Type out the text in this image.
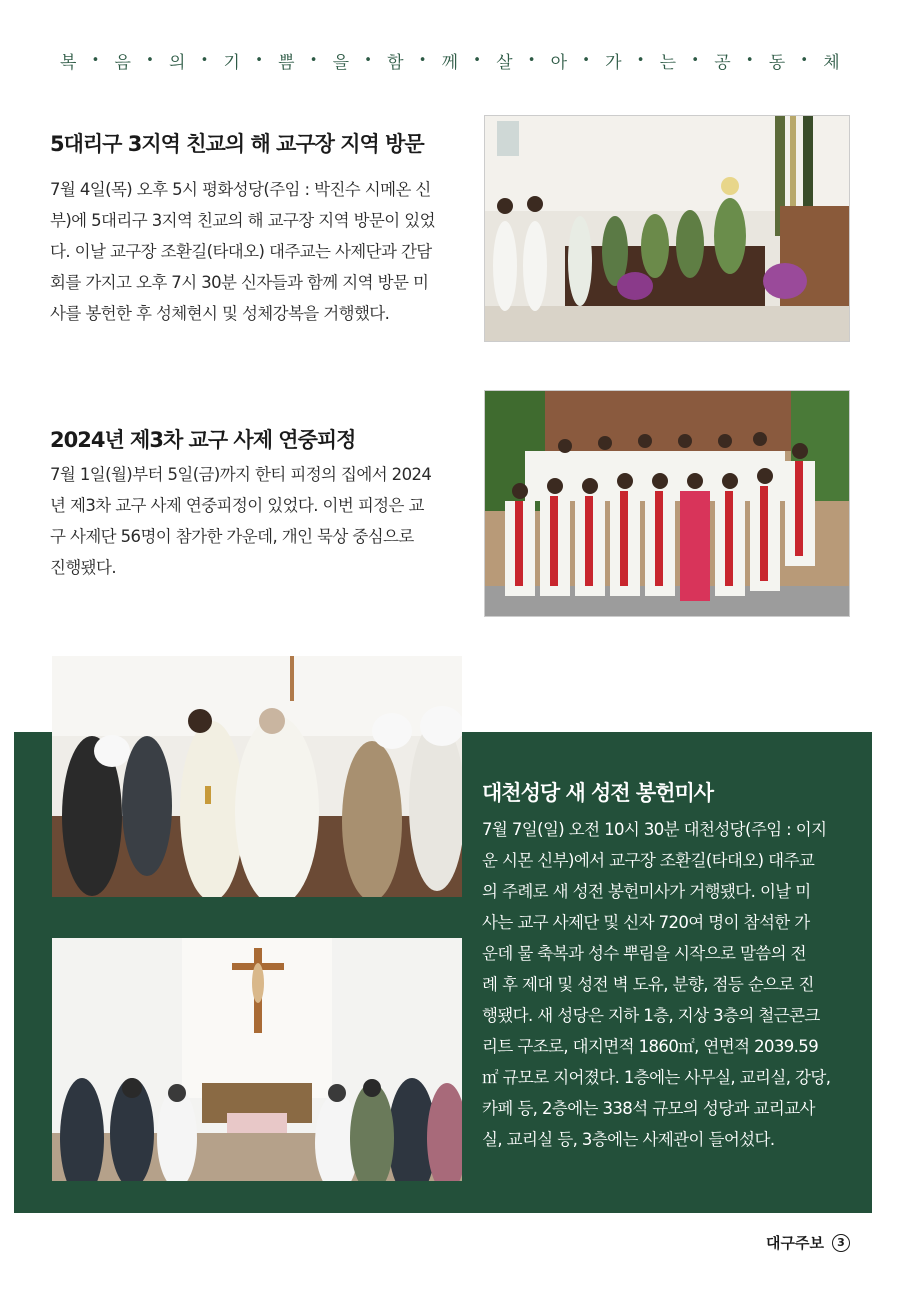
복 • 음 • 의 • 기 • 쁨 • 을 • 함 • 께 • 살 • 아 • 가 • 는 • 공 • 동 • 체
5대리구 3지역 친교의 해 교구장 지역 방문
7월 4일(목) 오후 5시 평화성당(주임 : 박진수 시메온 신
부)에 5대리구 3지역 친교의 해 교구장 지역 방문이 있었
다. 이날 교구장 조환길(타대오) 대주교는 사제단과 간담
회를 가지고 오후 7시 30분 신자들과 함께 지역 방문 미
사를 봉헌한 후 성체현시 및 성체강복을 거행했다.
2024년 제3차 교구 사제 연중피정
7월 1일(월)부터 5일(금)까지 한티 피정의 집에서 2024
년 제3차 교구 사제 연중피정이 있었다. 이번 피정은 교
구 사제단 56명이 참가한 가운데, 개인 묵상 중심으로
진행됐다.
대천성당 새 성전 봉헌미사
7월 7일(일) 오전 10시 30분 대천성당(주임 : 이지
운 시몬 신부)에서 교구장 조환길(타대오) 대주교
의 주례로 새 성전 봉헌미사가 거행됐다. 이날 미
사는 교구 사제단 및 신자 720여 명이 참석한 가
운데 물 축복과 성수 뿌림을 시작으로 말씀의 전
례 후 제대 및 성전 벽 도유, 분향, 점등 순으로 진
행됐다. 새 성당은 지하 1층, 지상 3층의 철근콘크
리트 구조로, 대지면적 1860㎡, 연면적 2039.59
㎡ 규모로 지어졌다. 1층에는 사무실, 교리실, 강당,
카페 등, 2층에는 338석 규모의 성당과 교리교사
실, 교리실 등, 3층에는 사제관이 들어섰다.
대구주보	3
